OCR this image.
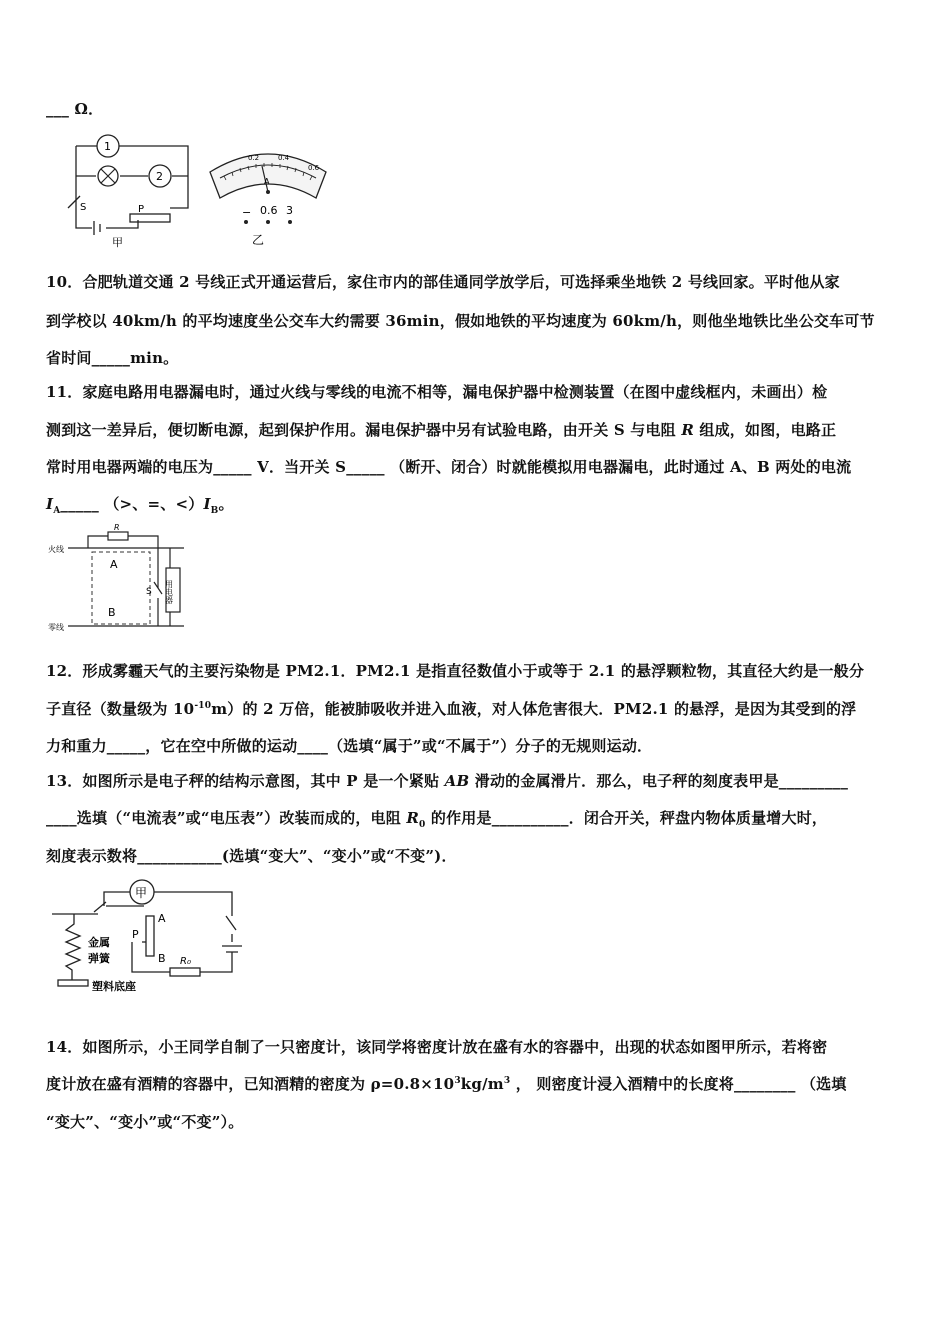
___ Ω．
1
2
S	P
甲
0.2	0.4
0.6
A
− 0.6 3
乙
10．合肥轨道交通 2 号线正式开通运营后，家住市内的部佳通同学放学后，可选择乘坐地铁 2 号线回家。平时他从家
到学校以 40km/h 的平均速度坐公交车大约需要 36min，假如地铁的平均速度为 60km/h，则他坐地铁比坐公交车可节
省时间_____min。
11．家庭电路用电器漏电时，通过火线与零线的电流不相等，漏电保护器中检测装置（在图中虚线框内，未画出）检
测到这一差异后，便切断电源，起到保护作用。漏电保护器中另有试验电路，由开关 S 与电阻 R 组成，如图，电路正
常时用电器两端的电压为_____ V．当开关 S_____ （断开、闭合）时就能模拟用电器漏电，此时通过 A、B 两处的电流
$I_A\_\_\_\_\_$ （>、=、$<)I_B$。
火线
零线
R
A
B
S 用电器
12．形成雾霾天气的主要污染物是 PM2.1．PM2.1 是指直径数值小于或等于 2.1 的悬浮颗粒物，其直径大约是一般分
子直径（数量级为 $10^{-10}m$）的 2 万倍，能被肺吸收并进入血液，对人体危害很大．PM2.1 的悬浮，是因为其受到的浮
力和重力_____，它在空中所做的运动____（选填“属于”或“不属于”）分子的无规则运动．
13．如图所示是电子秤的结构示意图，其中 P 是一个紧贴 AB 滑动的金属滑片．那么，电子秤的刻度表甲是_________
____选填（“电流表”或“电压表”）改装而成的，电阻 $R_0$ 的作用是__________．闭合开关，秤盘内物体质量增大时，
刻度表示数将___________(选填“变大”、“变小”或“不变”)．
甲
A
B
P
R₀
金属
弹簧
塑料底座
14．如图所示，小王同学自制了一只密度计，该同学将密度计放在盛有水的容器中，出现的状态如图甲所示，若将密
度计放在盛有酒精的容器中，已知酒精的密度为 $\rho=0.8\times 10^3kg/m^3$ ， 则密度计浸入酒精中的长度将________ （选填
“变大”、“变小”或“不变”）。
